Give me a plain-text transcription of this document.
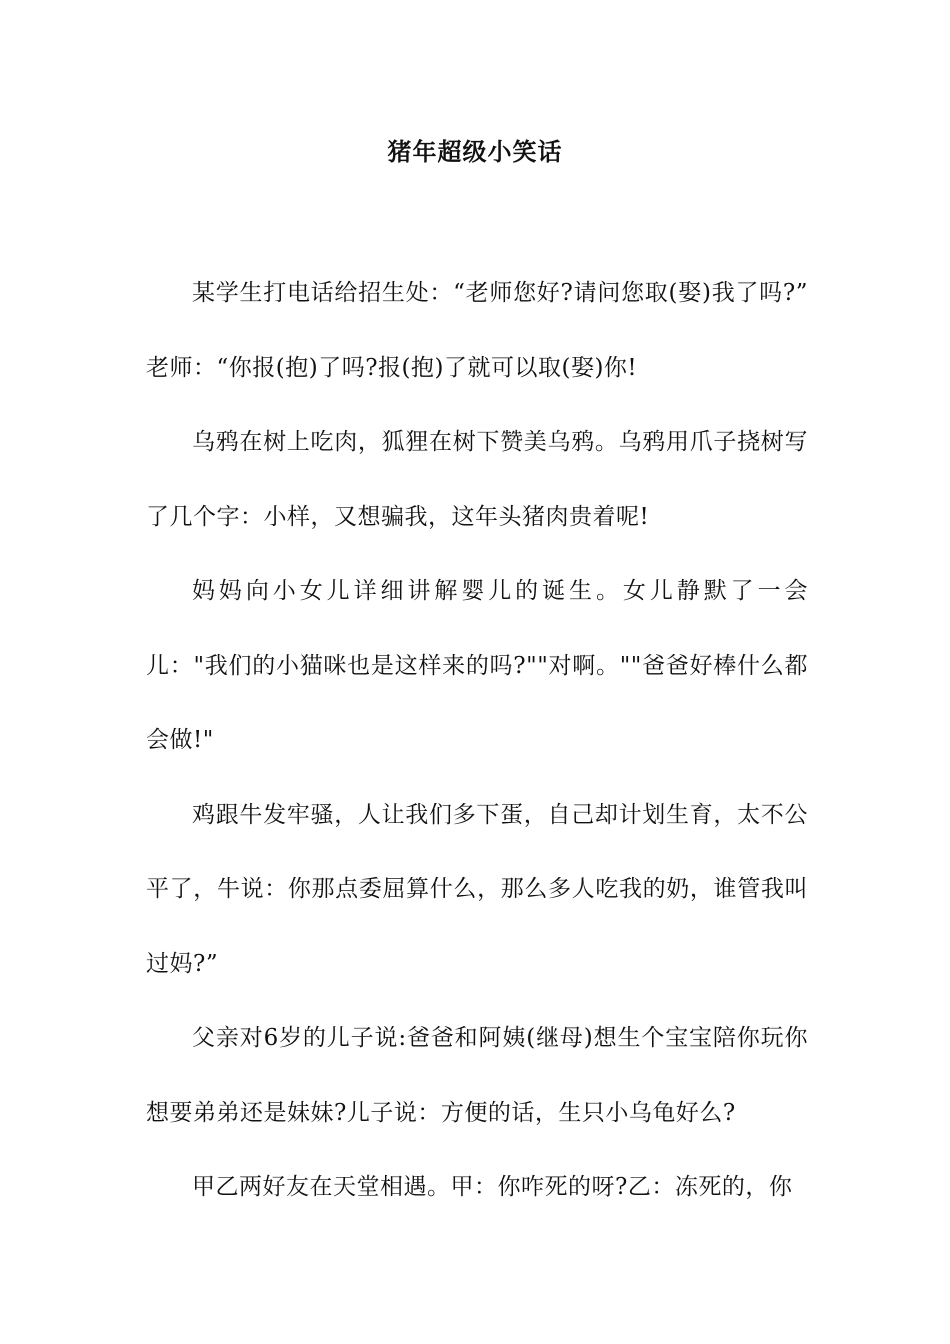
猪年超级小笑话

某学生打电话给招生处：“老师您好?请问您取(娶)我了吗?” 老师：“你报(抱)了吗?报(抱)了就可以取(娶)你!

乌鸦在树上吃肉，狐狸在树下赞美乌鸦。乌鸦用爪子挠树写了几个字：小样，又想骗我，这年头猪肉贵着呢!

妈妈向小女儿详细讲解婴儿的诞生。女儿静默了一会儿："我们的小猫咪也是这样来的吗?""对啊。""爸爸好棒什么都会做!"

鸡跟牛发牢骚，人让我们多下蛋，自己却计划生育，太不公平了，牛说：你那点委屈算什么，那么多人吃我的奶，谁管我叫过妈?”

父亲对6岁的儿子说:爸爸和阿姨(继母)想生个宝宝陪你玩你想要弟弟还是妹妹?儿子说：方便的话，生只小乌龟好么?

甲乙两好友在天堂相遇。甲：你咋死的呀?乙：冻死的，你
